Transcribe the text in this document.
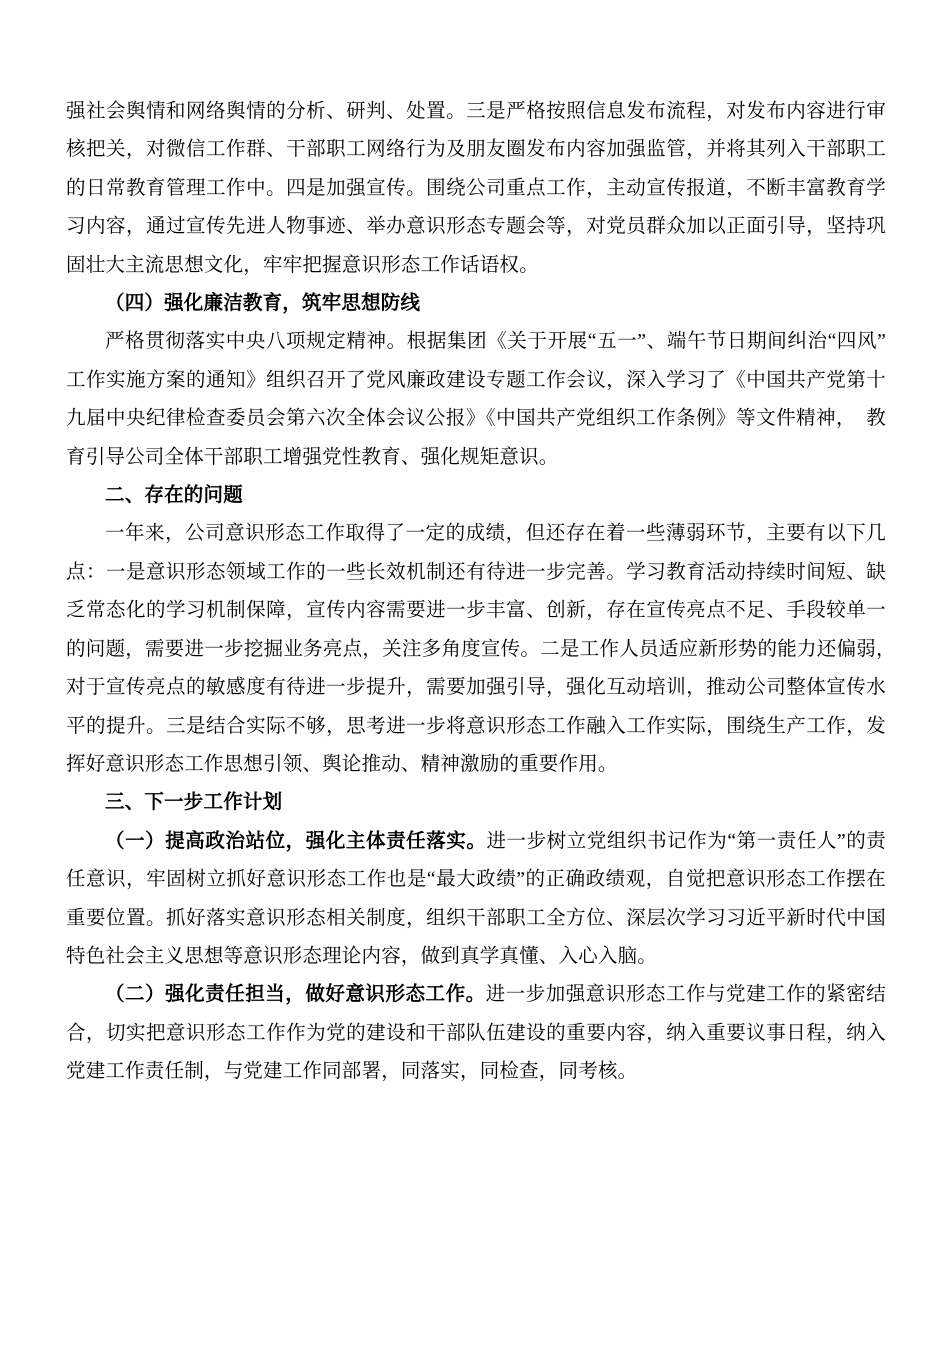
强社会舆情和网络舆情的分析、研判、处置。三是严格按照信息发布流程，对发布内容进行审核把关，对微信工作群、干部职工网络行为及朋友圈发布内容加强监管，并将其列入干部职工的日常教育管理工作中。四是加强宣传。围绕公司重点工作，主动宣传报道，不断丰富教育学习内容，通过宣传先进人物事迹、举办意识形态专题会等，对党员群众加以正面引导，坚持巩固壮大主流思想文化，牢牢把握意识形态工作话语权。

（四）强化廉洁教育，筑牢思想防线

严格贯彻落实中央八项规定精神。根据集团《关于开展“五一”、端午节日期间纠治“四风”工作实施方案的通知》组织召开了党风廉政建设专题工作会议，深入学习了《中国共产党第十九届中央纪律检查委员会第六次全体会议公报》《中国共产党组织工作条例》等文件精神，　教育引导公司全体干部职工增强党性教育、强化规矩意识。

二、存在的问题

一年来，公司意识形态工作取得了一定的成绩，但还存在着一些薄弱环节，主要有以下几点：一是意识形态领域工作的一些长效机制还有待进一步完善。学习教育活动持续时间短、缺乏常态化的学习机制保障，宣传内容需要进一步丰富、创新，存在宣传亮点不足、手段较单一的问题，需要进一步挖掘业务亮点，关注多角度宣传。二是工作人员适应新形势的能力还偏弱，　对于宣传亮点的敏感度有待进一步提升，需要加强引导，强化互动培训，推动公司整体宣传水平的提升。三是结合实际不够，思考进一步将意识形态工作融入工作实际，围绕生产工作，发挥好意识形态工作思想引领、舆论推动、精神激励的重要作用。

三、下一步工作计划

（一）提高政治站位，强化主体责任落实。进一步树立党组织书记作为“第一责任人”的责任意识，牢固树立抓好意识形态工作也是“最大政绩”的正确政绩观，自觉把意识形态工作摆在重要位置。抓好落实意识形态相关制度，组织干部职工全方位、深层次学习习近平新时代中国特色社会主义思想等意识形态理论内容，做到真学真懂、入心入脑。

（二）强化责任担当，做好意识形态工作。进一步加强意识形态工作与党建工作的紧密结合，切实把意识形态工作作为党的建设和干部队伍建设的重要内容，纳入重要议事日程，纳入党建工作责任制，与党建工作同部署，同落实，同检查，同考核。
